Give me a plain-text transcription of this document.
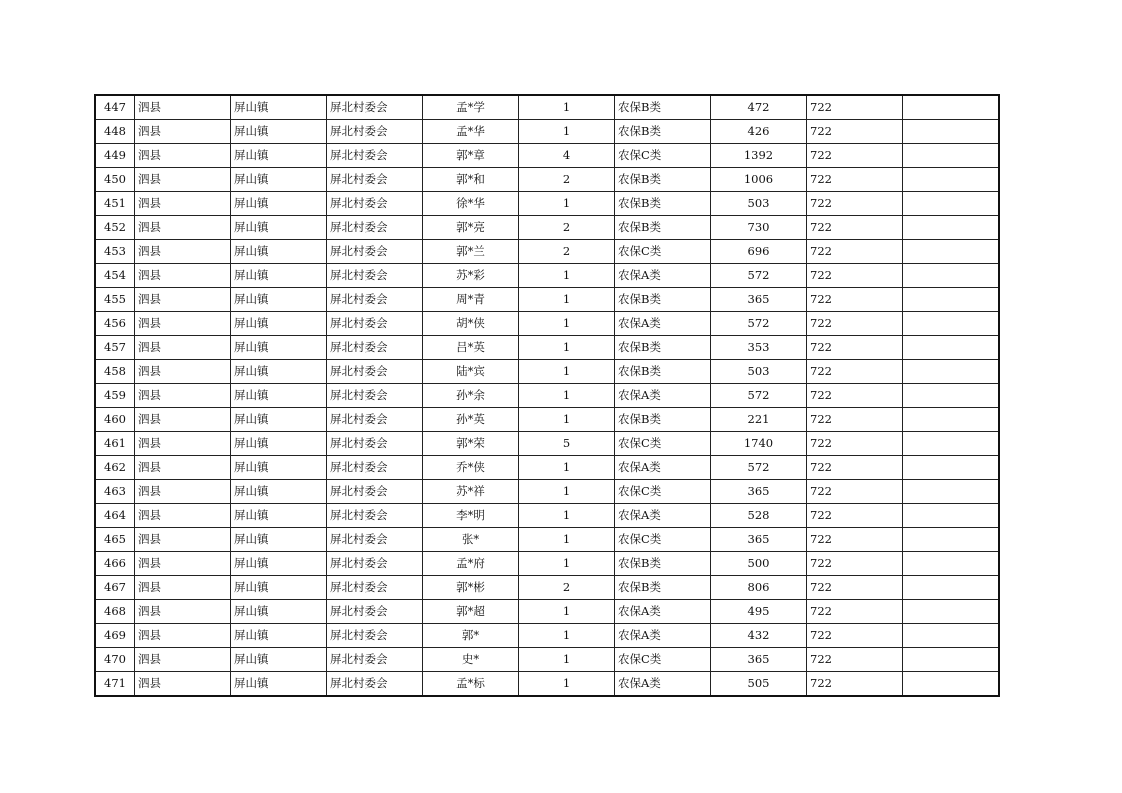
447	泗县	屏山镇	屏北村委会	孟*学	1	农保B类	472	722	
448	泗县	屏山镇	屏北村委会	孟*华	1	农保B类	426	722	
449	泗县	屏山镇	屏北村委会	郭*章	4	农保C类	1392	722	
450	泗县	屏山镇	屏北村委会	郭*和	2	农保B类	1006	722	
451	泗县	屏山镇	屏北村委会	徐*华	1	农保B类	503	722	
452	泗县	屏山镇	屏北村委会	郭*亮	2	农保B类	730	722	
453	泗县	屏山镇	屏北村委会	郭*兰	2	农保C类	696	722	
454	泗县	屏山镇	屏北村委会	苏*彩	1	农保A类	572	722	
455	泗县	屏山镇	屏北村委会	周*青	1	农保B类	365	722	
456	泗县	屏山镇	屏北村委会	胡*侠	1	农保A类	572	722	
457	泗县	屏山镇	屏北村委会	吕*英	1	农保B类	353	722	
458	泗县	屏山镇	屏北村委会	陆*宾	1	农保B类	503	722	
459	泗县	屏山镇	屏北村委会	孙*余	1	农保A类	572	722	
460	泗县	屏山镇	屏北村委会	孙*英	1	农保B类	221	722	
461	泗县	屏山镇	屏北村委会	郭*荣	5	农保C类	1740	722	
462	泗县	屏山镇	屏北村委会	乔*侠	1	农保A类	572	722	
463	泗县	屏山镇	屏北村委会	苏*祥	1	农保C类	365	722	
464	泗县	屏山镇	屏北村委会	李*明	1	农保A类	528	722	
465	泗县	屏山镇	屏北村委会	张*	1	农保C类	365	722	
466	泗县	屏山镇	屏北村委会	孟*府	1	农保B类	500	722	
467	泗县	屏山镇	屏北村委会	郭*彬	2	农保B类	806	722	
468	泗县	屏山镇	屏北村委会	郭*超	1	农保A类	495	722	
469	泗县	屏山镇	屏北村委会	郭*	1	农保A类	432	722	
470	泗县	屏山镇	屏北村委会	史*	1	农保C类	365	722	
471	泗县	屏山镇	屏北村委会	孟*标	1	农保A类	505	722	
